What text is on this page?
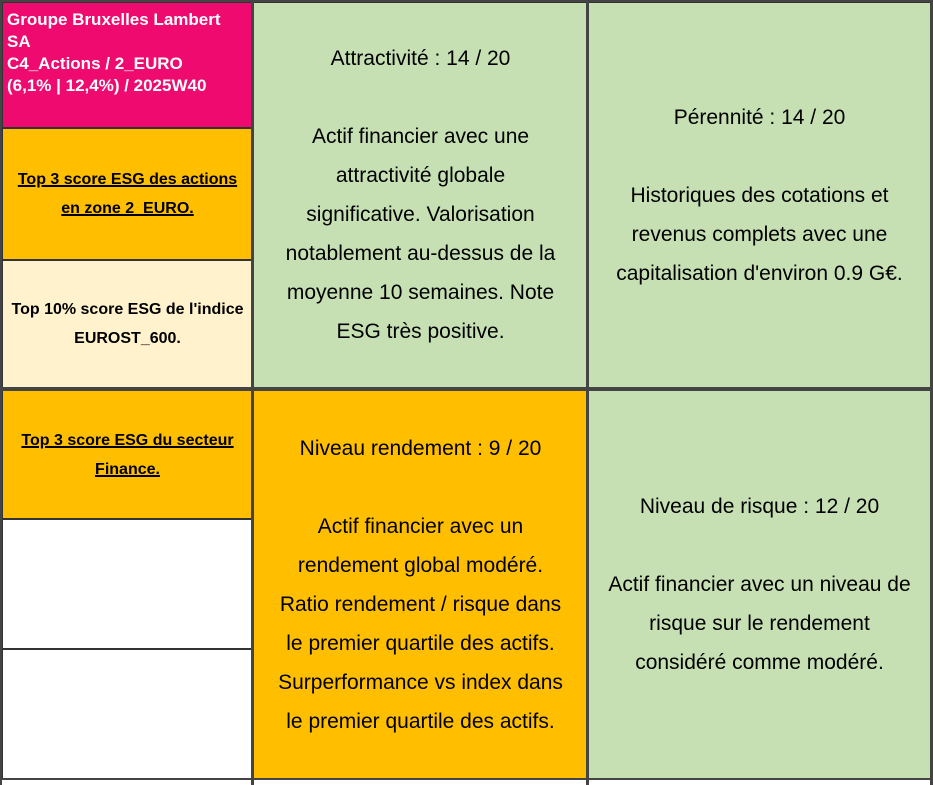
Groupe Bruxelles Lambert
SA
C4_Actions / 2_EURO
(6,1% | 12,4%) / 2025W40
Top 3 score ESG des actions en zone 2_EURO.
Top 10% score ESG de l'indice EUROST_600.
Top 3 score ESG du secteur Finance.
Attractivité : 14 / 20
Actif financier avec une
attractivité globale
significative. Valorisation
notablement au-dessus de la
moyenne 10 semaines. Note
ESG très positive.
Pérennité : 14 / 20
Historiques des cotations et
revenus complets avec une
capitalisation d'environ 0.9 G€.
Niveau rendement : 9 / 20
Actif financier avec un
rendement global modéré.
Ratio rendement / risque dans
le premier quartile des actifs.
Surperformance vs index dans
le premier quartile des actifs.
Niveau de risque : 12 / 20
Actif financier avec un niveau de
risque sur le rendement
considéré comme modéré.
